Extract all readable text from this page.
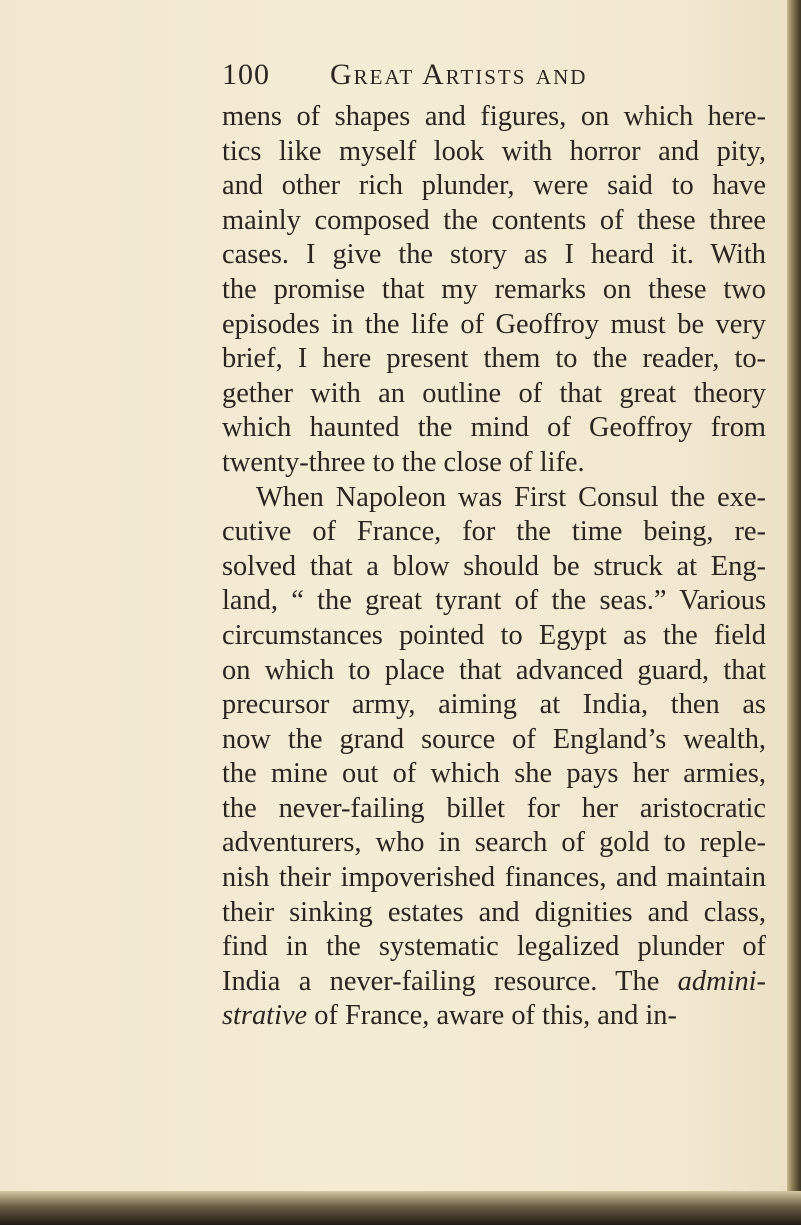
100	Great Artists and
mens of shapes and figures, on which here-
tics like myself look with horror and pity,
and other rich plunder, were said to have
mainly composed the contents of these three
cases. I give the story as I heard it. With
the promise that my remarks on these two
episodes in the life of Geoffroy must be very
brief, I here present them to the reader, to-
gether with an outline of that great theory
which haunted the mind of Geoffroy from
twenty-three to the close of life.
When Napoleon was First Consul the exe-
cutive of France, for the time being, re-
solved that a blow should be struck at Eng-
land, “ the great tyrant of the seas.” Various
circumstances pointed to Egypt as the field
on which to place that advanced guard, that
precursor army, aiming at India, then as
now the grand source of England’s wealth,
the mine out of which she pays her armies,
the never-failing billet for her aristocratic
adventurers, who in search of gold to reple-
nish their impoverished finances, and maintain
their sinking estates and dignities and class,
find in the systematic legalized plunder of
India a never-failing resource. The admini-
strative of France, aware of this, and in-
